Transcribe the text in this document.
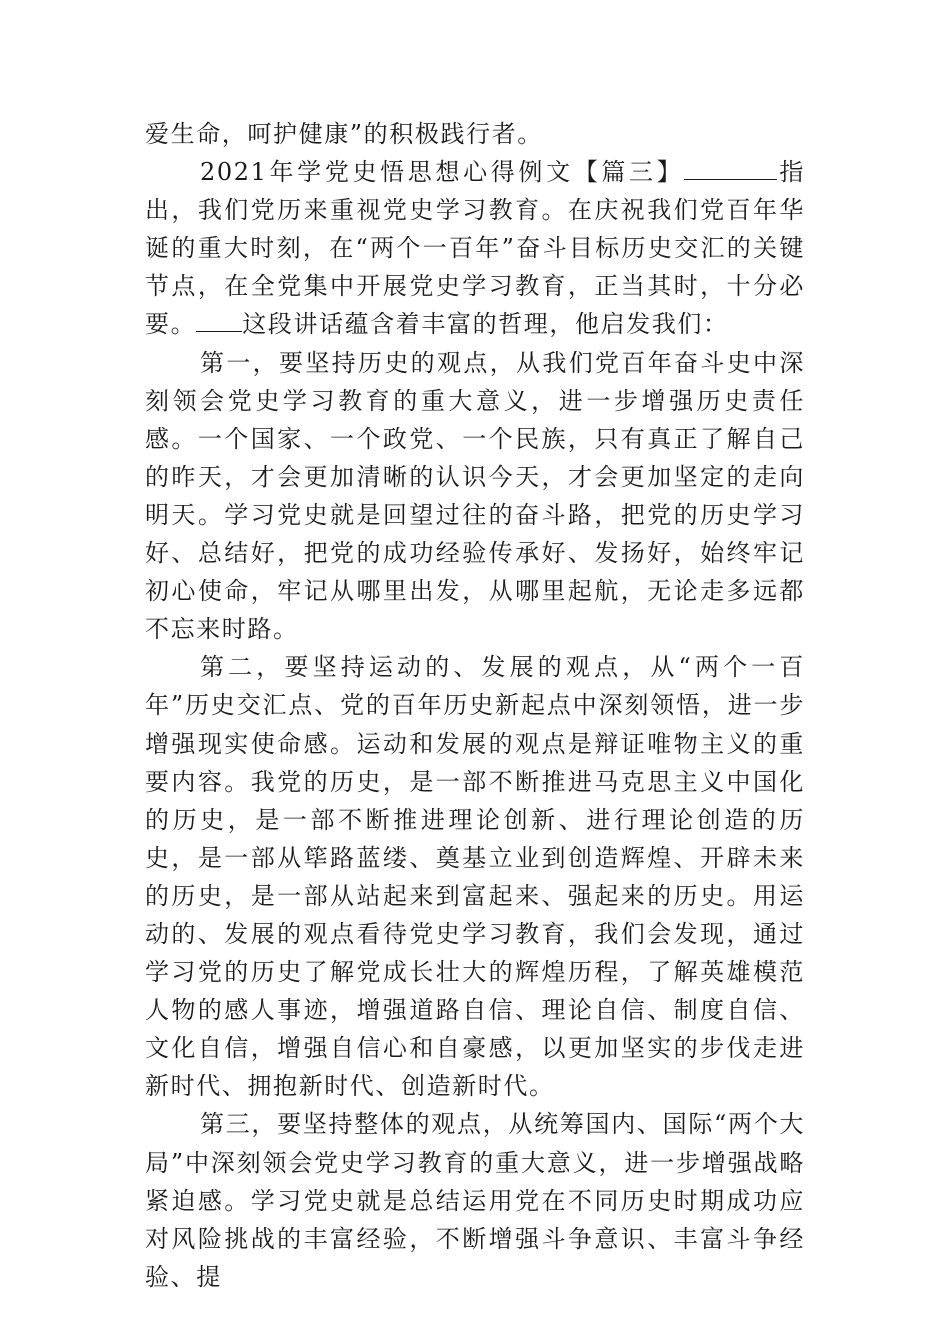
爱生命，呵护健康”的积极践行者。

2021年学党史悟思想心得例文【篇三】	指出，我们党历来重视党史学习教育。在庆祝我们党百年华诞的重大时刻，在“两个一百年”奋斗目标历史交汇的关键节点，在全党集中开展党史学习教育，正当其时，十分必要。 这段讲话蕴含着丰富的哲理，他启发我们：

第一，要坚持历史的观点，从我们党百年奋斗史中深刻领会党史学习教育的重大意义，进一步增强历史责任感。一个国家、一个政党、一个民族，只有真正了解自己的昨天，才会更加清晰的认识今天，才会更加坚定的走向明天。学习党史就是回望过往的奋斗路，把党的历史学习好、总结好，把党的成功经验传承好、发扬好，始终牢记初心使命，牢记从哪里出发，从哪里起航，无论走多远都不忘来时路。

第二，要坚持运动的、发展的观点，从“两个一百年”历史交汇点、党的百年历史新起点中深刻领悟，进一步增强现实使命感。运动和发展的观点是辩证唯物主义的重要内容。我党的历史，是一部不断推进马克思主义中国化的历史，是一部不断推进理论创新、进行理论创造的历史，是一部从筚路蓝缕、奠基立业到创造辉煌、开辟未来的历史，是一部从站起来到富起来、强起来的历史。用运动的、发展的观点看待党史学习教育，我们会发现，通过学习党的历史了解党成长壮大的辉煌历程，了解英雄模范人物的感人事迹，增强道路自信、理论自信、制度自信、文化自信，增强自信心和自豪感，以更加坚实的步伐走进新时代、拥抱新时代、创造新时代。

第三，要坚持整体的观点，从统筹国内、国际“两个大局”中深刻领会党史学习教育的重大意义，进一步增强战略紧迫感。学习党史就是总结运用党在不同历史时期成功应对风险挑战的丰富经验，不断增强斗争意识、丰富斗争经验、提
